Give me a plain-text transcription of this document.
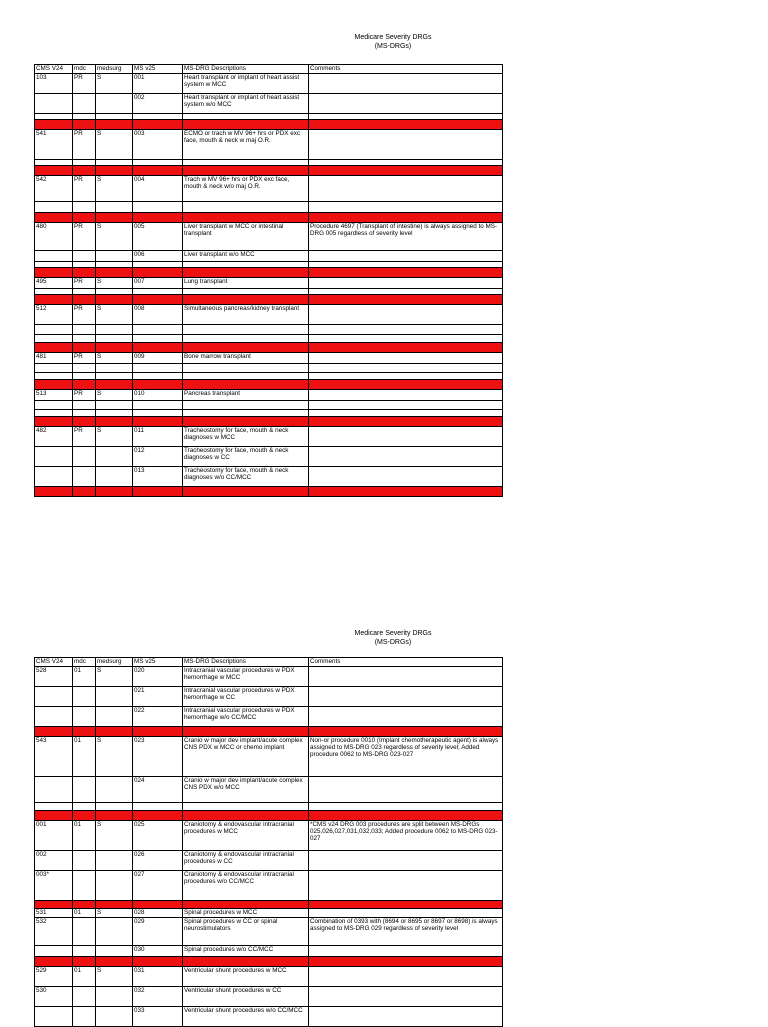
Medicare Severity DRGs
(MS-DRGs)
CMS V24	mdc	medsurg	MS v25	MS-DRG Descriptions	Comments
103	PR	S	001	Heart transplant or implant of heart assist system w MCC	
			002	Heart transplant or implant of heart assist system w/o MCC	

541	PR	S	003	ECMO or trach w MV 96+ hrs or PDX exc face, mouth & neck w maj O.R.	

542	PR	S	004	Trach w MV 96+ hrs or PDX exc face, mouth & neck w/o maj O.R.	

480	PR	S	005	Liver transplant w MCC or intestinal transplant	Procedure 4697 (Transplant of intestine) is always assigned to MS-DRG 005 regardless of severity level
			006	Liver transplant w/o MCC	

495	PR	S	007	Lung transplant	

512	PR	S	008	Simultaneous pancreas/kidney transplant	

481	PR	S	009	Bone marrow transplant	

513	PR	S	010	Pancreas transplant	

482	PR	S	011	Tracheostomy for face, mouth & neck diagnoses w MCC	
			012	Tracheostomy for face, mouth & neck diagnoses w CC	
			013	Tracheostomy for face, mouth & neck diagnoses w/o CC/MCC	

Medicare Severity DRGs
(MS-DRGs)
CMS V24	mdc	medsurg	MS v25	MS-DRG Descriptions	Comments
528	01	S	020	Intracranial vascular procedures w PDX hemorrhage w MCC	
			021	Intracranial vascular procedures w PDX hemorrhage w CC	
			022	Intracranial vascular procedures w PDX hemorrhage w/o CC/MCC	

543	01	S	023	Cranio w major dev implant/acute complex CNS PDX w MCC or chemo implant	Non-or procedure 0010 (Implant chemotherapeutic agent) is always assigned to MS-DRG 023 regardless of severity level; Added procedure 0062 to MS-DRG 023-027
			024	Cranio w major dev implant/acute complex CNS PDX w/o MCC	

001	01	S	025	Craniotomy & endovascular intracranial procedures w MCC	*CMS v24 DRG 003 procedures are split between MS-DRGs 025,026,027,031,032,033; Added procedure 0062 to MS-DRG 023-027
002			026	Craniotomy & endovascular intracranial procedures w CC	
003*			027	Craniotomy & endovascular intracranial procedures w/o CC/MCC	

531	01	S	028	Spinal procedures w MCC	
532			029	Spinal procedures w CC or spinal neurostimulators	Combination of 0393 with (8694 or 8695 or 8697 or 8698) is always assigned to MS-DRG 029 regardless of severity level
			030	Spinal procedures w/o CC/MCC	

529	01	S	031	Ventricular shunt procedures w MCC	
530			032	Ventricular shunt procedures w CC	
			033	Ventricular shunt procedures w/o CC/MCC	
